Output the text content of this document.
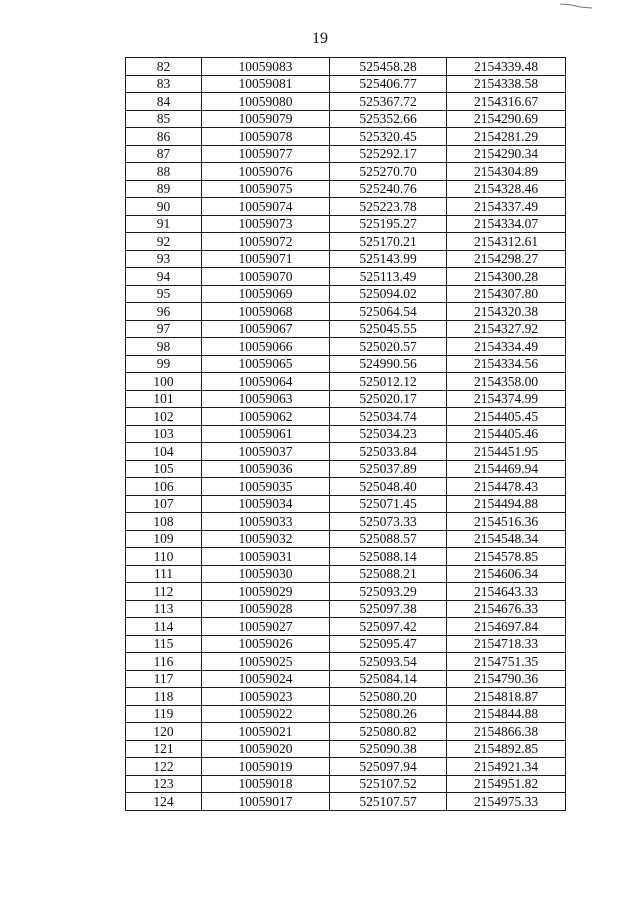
19
82	10059083	525458.28	2154339.48
83	10059081	525406.77	2154338.58
84	10059080	525367.72	2154316.67
85	10059079	525352.66	2154290.69
86	10059078	525320.45	2154281.29
87	10059077	525292.17	2154290.34
88	10059076	525270.70	2154304.89
89	10059075	525240.76	2154328.46
90	10059074	525223.78	2154337.49
91	10059073	525195.27	2154334.07
92	10059072	525170.21	2154312.61
93	10059071	525143.99	2154298.27
94	10059070	525113.49	2154300.28
95	10059069	525094.02	2154307.80
96	10059068	525064.54	2154320.38
97	10059067	525045.55	2154327.92
98	10059066	525020.57	2154334.49
99	10059065	524990.56	2154334.56
100	10059064	525012.12	2154358.00
101	10059063	525020.17	2154374.99
102	10059062	525034.74	2154405.45
103	10059061	525034.23	2154405.46
104	10059037	525033.84	2154451.95
105	10059036	525037.89	2154469.94
106	10059035	525048.40	2154478.43
107	10059034	525071.45	2154494.88
108	10059033	525073.33	2154516.36
109	10059032	525088.57	2154548.34
110	10059031	525088.14	2154578.85
111	10059030	525088.21	2154606.34
112	10059029	525093.29	2154643.33
113	10059028	525097.38	2154676.33
114	10059027	525097.42	2154697.84
115	10059026	525095.47	2154718.33
116	10059025	525093.54	2154751.35
117	10059024	525084.14	2154790.36
118	10059023	525080.20	2154818.87
119	10059022	525080.26	2154844.88
120	10059021	525080.82	2154866.38
121	10059020	525090.38	2154892.85
122	10059019	525097.94	2154921.34
123	10059018	525107.52	2154951.82
124	10059017	525107.57	2154975.33
